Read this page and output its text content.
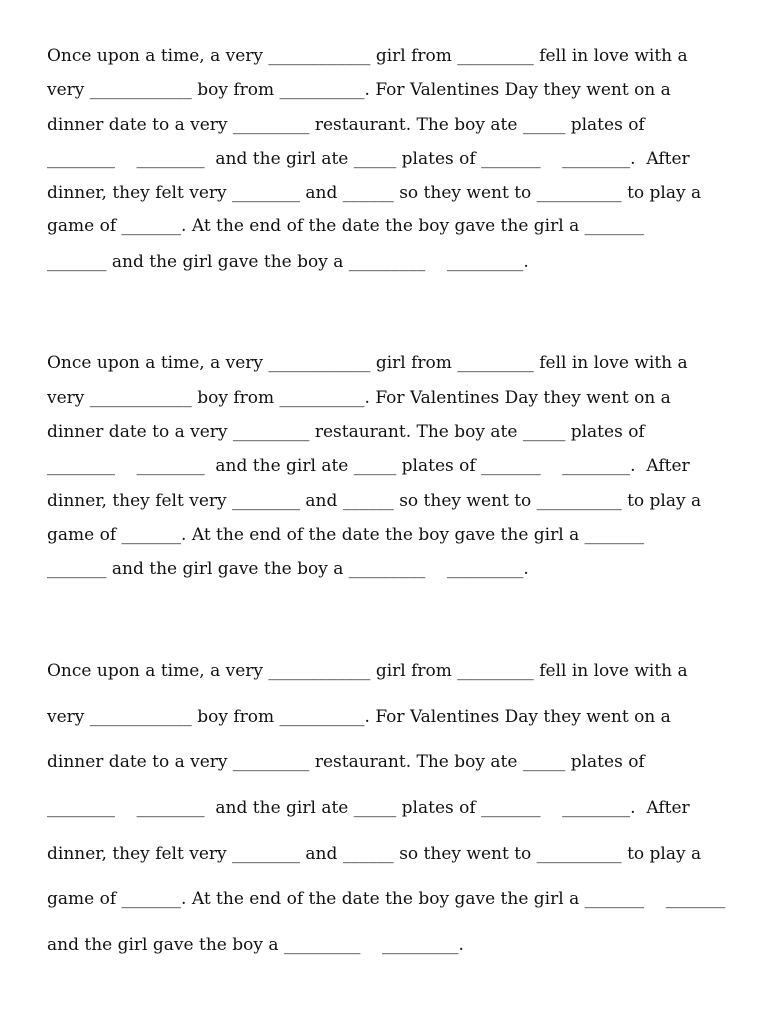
Once upon a time, a very ____________ girl from _________ fell in love with a

very ____________ boy from __________. For Valentines Day they went on a

dinner date to a very _________ restaurant. The boy ate _____ plates of

________    ________  and the girl ate _____ plates of _______    ________.  After

dinner, they felt very ________ and ______ so they went to __________ to play a

game of _______. At the end of the date the boy gave the girl a _______

_______ and the girl gave the boy a _________    _________.

Once upon a time, a very ____________ girl from _________ fell in love with a

very ____________ boy from __________. For Valentines Day they went on a

dinner date to a very _________ restaurant. The boy ate _____ plates of

________    ________  and the girl ate _____ plates of _______    ________.  After

dinner, they felt very ________ and ______ so they went to __________ to play a

game of _______. At the end of the date the boy gave the girl a _______

_______ and the girl gave the boy a _________    _________.

Once upon a time, a very ____________ girl from _________ fell in love with a

very ____________ boy from __________. For Valentines Day they went on a

dinner date to a very _________ restaurant. The boy ate _____ plates of

________    ________  and the girl ate _____ plates of _______    ________.  After

dinner, they felt very ________ and ______ so they went to __________ to play a

game of _______. At the end of the date the boy gave the girl a _______    _______

and the girl gave the boy a _________    _________.
